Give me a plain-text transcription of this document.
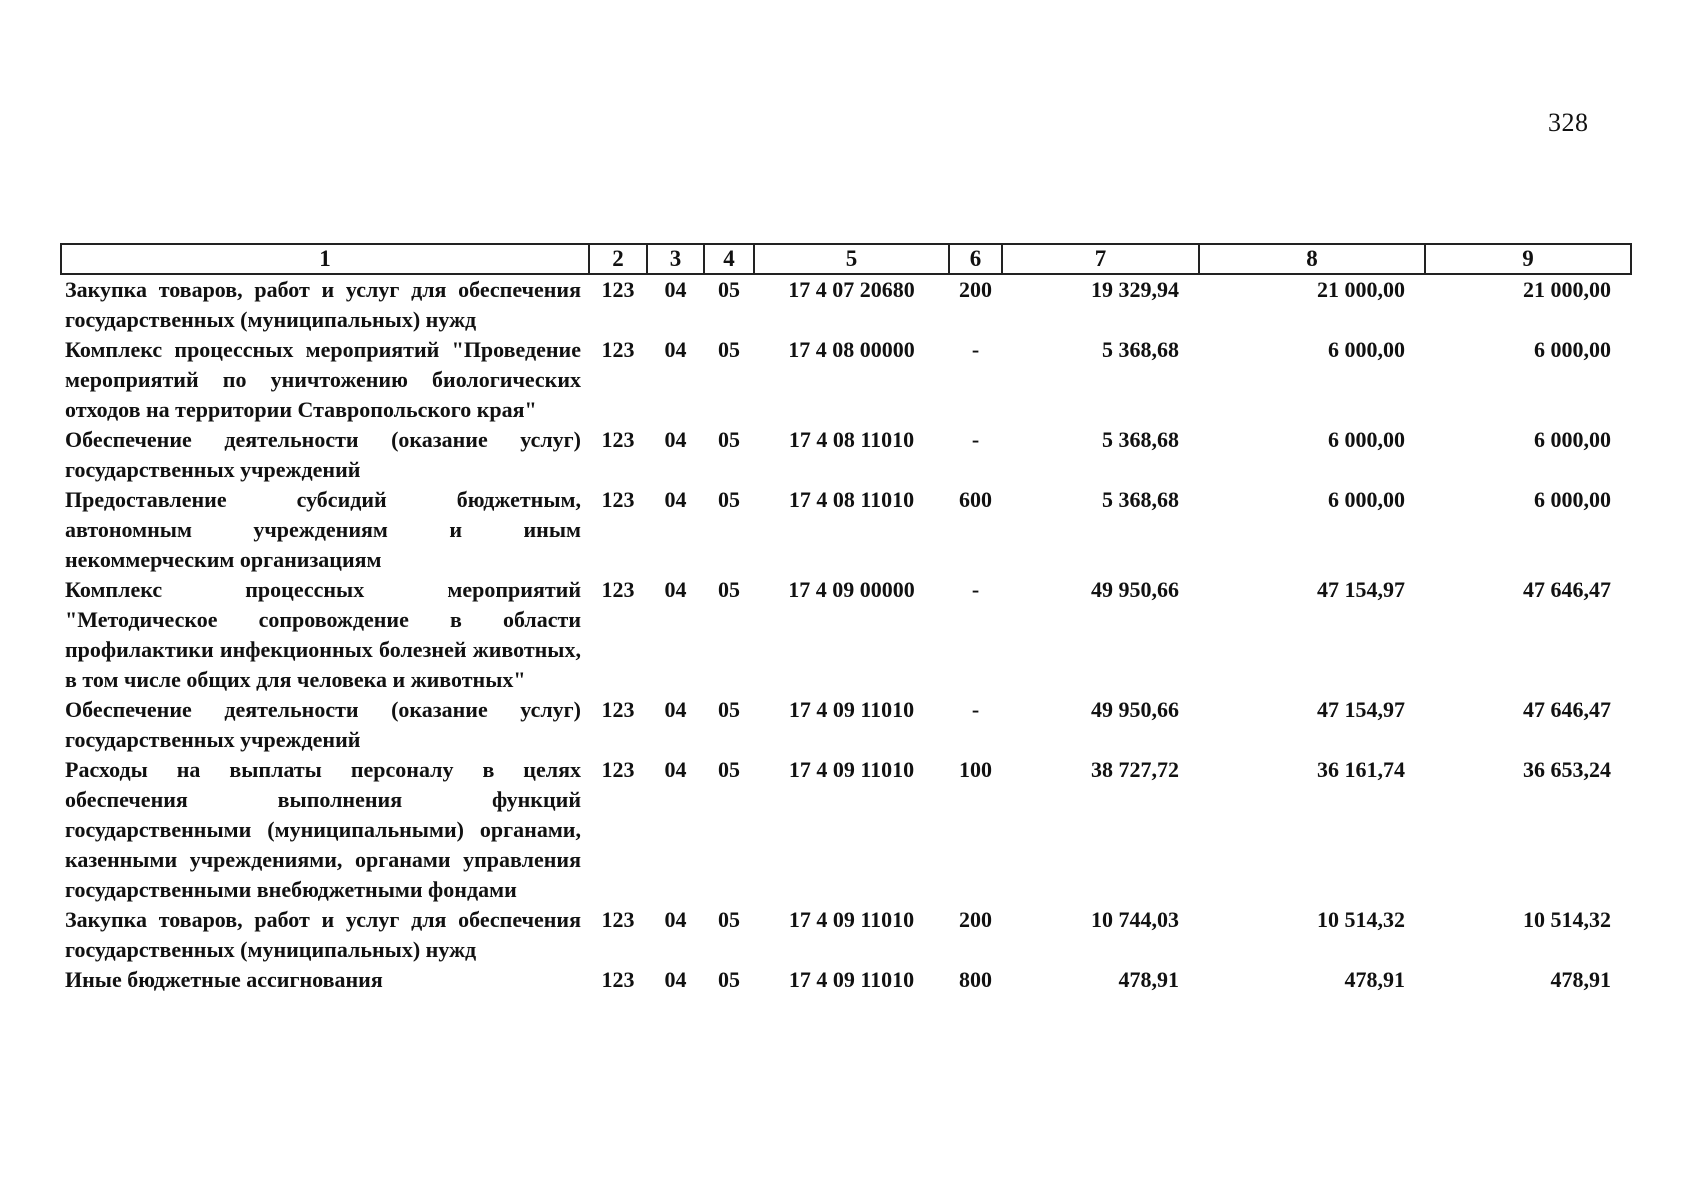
328
1	2	3	4	5	6	7	8	9
Закупка товаров, работ и услуг для обеспечения государственных (муниципальных) нужд	123	04	05	17 4 07 20680	200	19 329,94	21 000,00	21 000,00
Комплекс процессных мероприятий "Проведение мероприятий по уничтожению биологических отходов на территории Ставропольского края"	123	04	05	17 4 08 00000	-	5 368,68	6 000,00	6 000,00
Обеспечение деятельности (оказание услуг) государственных учреждений	123	04	05	17 4 08 11010	-	5 368,68	6 000,00	6 000,00
Предоставление субсидий бюджетным, автономным учреждениям и иным некоммерческим организациям	123	04	05	17 4 08 11010	600	5 368,68	6 000,00	6 000,00
Комплекс процессных мероприятий "Методическое сопровождение в области профилактики инфекционных болезней животных, в том числе общих для человека и животных"	123	04	05	17 4 09 00000	-	49 950,66	47 154,97	47 646,47
Обеспечение деятельности (оказание услуг) государственных учреждений	123	04	05	17 4 09 11010	-	49 950,66	47 154,97	47 646,47
Расходы на выплаты персоналу в целях обеспечения выполнения функций государственными (муниципальными) органами, казенными учреждениями, органами управления государственными внебюджетными фондами	123	04	05	17 4 09 11010	100	38 727,72	36 161,74	36 653,24
Закупка товаров, работ и услуг для обеспечения государственных (муниципальных) нужд	123	04	05	17 4 09 11010	200	10 744,03	10 514,32	10 514,32
Иные бюджетные ассигнования	123	04	05	17 4 09 11010	800	478,91	478,91	478,91
